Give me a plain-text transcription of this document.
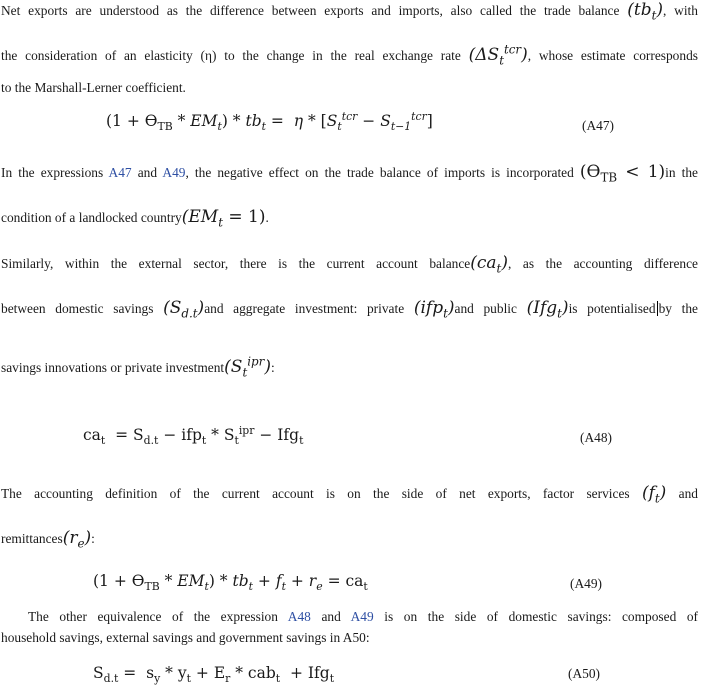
Net exports are understood as the difference between exports and imports, also called the trade balance $(tb_t)$, with
the consideration of an elasticity (η) to the change in the real exchange rate $(\Delta S_t^{tcr})$, whose estimate corresponds
to the Marshall-Lerner coefficient.
$(1 + ϴ_{TB} * EM_t) * tb_t = \eta * [S_t^{tcr} - S_{t-1}^{tcr}]$	(A47)
In the expressions A47 and A49, the negative effect on the trade balance of imports is incorporated $(ϴ_{TB} < 1)in$ the
condition of a landlocked $country(EM_t = 1)$.
Similarly, within the external sector, there is the current account $balance(ca_t)$, as the accounting difference
between domestic savings $(S_{d.t})and$ aggregate investment: private (ifp$_t$)and public (Ifg$_t$)is potentialised by the
savings innovations or private $investment(S_t^{ipr})$:
$ca_t = S_{d.t} - ifp_t * S_t^{ipr} - Ifg_t$	(A48)
The accounting definition of the current account is on the side of net exports, factor services $(f_t)$ and
$remittances(r_e)$:
$(1 + ϴ_{TB} * EM_t) * tb_t + f_t + r_e = ca_t$	(A49)
The other equivalence of the expression A48 and A49 is on the side of domestic savings: composed of
household savings, external savings and government savings in A50:
$S_{d.t} = s_y * y_t + E_r * cab_t + Ifg_t$	(A50)
